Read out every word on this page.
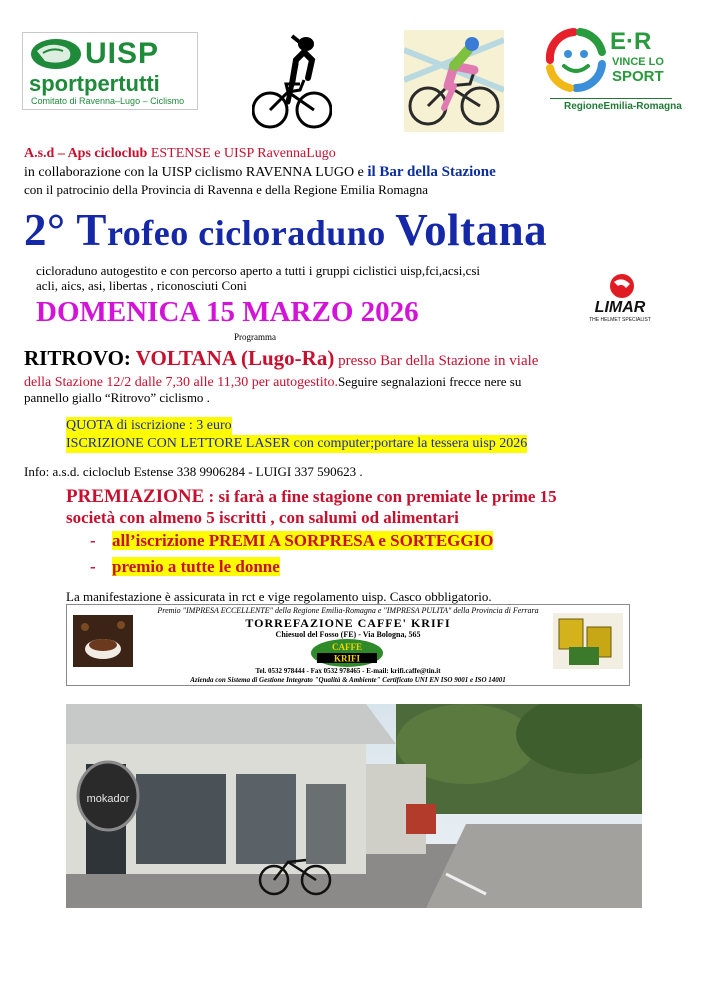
UISP
sportpertutti
Comitato di Ravenna–Lugo – Ciclismo
E·R
VINCE LO
SPORT
RegioneEmilia-Romagna
A.s.d – Aps cicloclub ESTENSE e UISP RavennaLugo
in collaborazione con la UISP ciclismo RAVENNA LUGO e il Bar della Stazione
con il patrocinio della Provincia di Ravenna e della Regione Emilia Romagna
2° Trofeo cicloraduno Voltana
cicloraduno autogestito e con percorso aperto a tutti i gruppi ciclistici uisp,fci,acsi,csi
acli, aics, asi, libertas , riconosciuti Coni
DOMENICA 15 MARZO 2026
Programma
LIMAR
THE HELMET SPECIALIST
RITROVO: VOLTANA (Lugo-Ra) presso Bar della Stazione in viale
della Stazione 12/2 dalle 7,30 alle 11,30 per autogestito.Seguire segnalazioni frecce nere su
pannello giallo “Ritrovo” ciclismo .
QUOTA di iscrizione : 3 euro
ISCRIZIONE CON LETTORE LASER con computer;portare la tessera uisp 2026
Info: a.s.d. cicloclub Estense 338 9906284 - LUIGI 337 590623 .
PREMIAZIONE : si farà a fine stagione con premiate le prime 15
società con almeno 5 iscritti , con salumi od alimentari
- all’iscrizione PREMI A SORPRESA e SORTEGGIO
- premio a tutte le donne
La manifestazione è assicurata in rct e vige regolamento uisp. Casco obbligatorio.
Premio "IMPRESA ECCELLENTE" della Regione Emilia-Romagna e "IMPRESA PULITA" della Provincia di Ferrara
TORREFAZIONE CAFFE' KRIFI
Chiesuol del Fosso (FE) - Via Bologna, 565
CAFFE
KRIFI
Tel. 0532 978444 - Fax 0532 978465 - E-mail: krifi.caffe@tin.it
Azienda con Sistema di Gestione Integrato "Qualità & Ambiente" Certificato UNI EN ISO 9001 e ISO 14001
mokador
